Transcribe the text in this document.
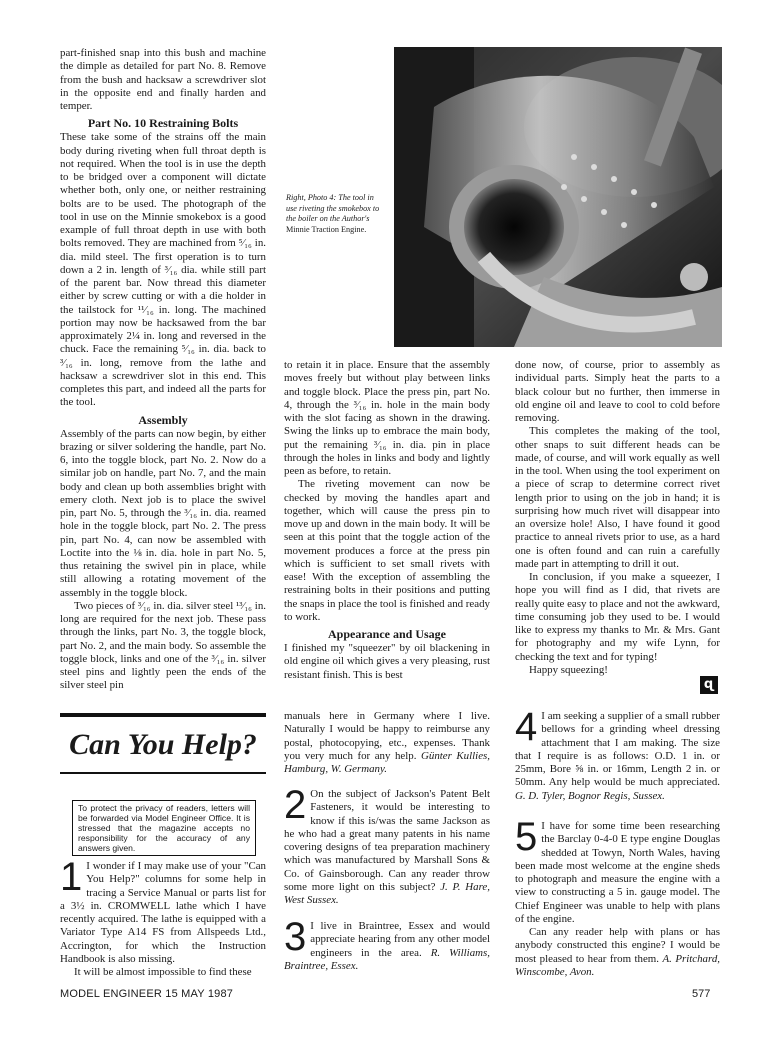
part-finished snap into this bush and machine the dimple as detailed for part No. 8. Remove from the bush and hacksaw a screwdriver slot in the opposite end and finally harden and temper.

Part No. 10 Restraining Bolts

These take some of the strains off the main body during riveting when full throat depth is not required. When the tool is in use the depth to be bridged over a component will dictate whether both, only one, or neither restraining bolts are to be used. The photograph of the tool in use on the Minnie smokebox is a good example of full throat depth in use with both bolts removed. They are machined from ⁵⁄₁₆ in. dia. mild steel. The first operation is to turn down a 2 in. length of ³⁄₁₆ dia. while still part of the parent bar. Now thread this diameter either by screw cutting or with a die holder in the tailstock for ¹¹⁄₁₆ in. long. The machined portion may now be hacksawed from the bar approximately 2¼ in. long and reversed in the chuck. Face the remaining ⁵⁄₁₆ in. dia. back to ³⁄₁₆ in. long, remove from the lathe and hacksaw a screwdriver slot in this end. This completes this part, and indeed all the parts for the tool.

Assembly

Assembly of the parts can now begin, by either brazing or silver soldering the handle, part No. 6, into the toggle block, part No. 2. Now do a similar job on handle, part No. 7, and the main body and clean up both assemblies bright with emery cloth. Next job is to place the swivel pin, part No. 5, through the ³⁄₁₆ in. dia. reamed hole in the toggle block, part No. 2. The press pin, part No. 4, can now be assembled with Loctite into the ⅛ in. dia. hole in part No. 5, thus retaining the swivel pin in place, while still allowing a rotating movement of the assembly in the toggle block.

Two pieces of ³⁄₁₆ in. dia. silver steel ¹³⁄₁₆ in. long are required for the next job. These pass through the links, part No. 3, the toggle block, part No. 2, and the main body. So assemble the toggle block, links and one of the ³⁄₁₆ in. silver steel pins and lightly peen the ends of the silver steel pin

Right, Photo 4: The tool in use riveting the smokebox to the boiler on the Author's Minnie Traction Engine.

to retain it in place. Ensure that the assembly moves freely but without play between links and toggle block. Place the press pin, part No. 4, through the ³⁄₁₆ in. hole in the main body with the slot facing as shown in the drawing. Swing the links up to embrace the main body, put the remaining ³⁄₁₆ in. dia. pin in place through the holes in links and body and lightly peen as before, to retain.

The riveting movement can now be checked by moving the handles apart and together, which will cause the press pin to move up and down in the main body. It will be seen at this point that the toggle action of the movement produces a force at the press pin which is sufficient to set small rivets with ease! With the exception of assembling the restraining bolts in their positions and putting the snaps in place the tool is finished and ready to work.

Appearance and Usage

I finished my "squeezer" by oil blackening in old engine oil which gives a very pleasing, rust resistant finish. This is best

done now, of course, prior to assembly as individual parts. Simply heat the parts to a black colour but no further, then immerse in old engine oil and leave to cool to cold before removing.

This completes the making of the tool, other snaps to suit different heads can be made, of course, and will work equally as well in the tool. When using the tool experiment on a piece of scrap to determine correct rivet length prior to using on the job in hand; it is surprising how much rivet will disappear into an oversize hole! Also, I have found it good practice to anneal rivets prior to use, as a hard one is often found and can ruin a carefully made part in attempting to drill it out.

In conclusion, if you make a squeezer, I hope you will find as I did, that rivets are really quite easy to place and not the awkward, time consuming job they used to be. I would like to express my thanks to Mr. & Mrs. Gant for photography and my wife Lynn, for checking the text and for typing!

Happy squeezing!

ɋ
Can You Help?
To protect the privacy of readers, letters will be forwarded via Model Engineer Office. It is stressed that the magazine accepts no responsibility for the accuracy of any answers given.
1 I wonder if I may make use of your "Can You Help?" columns for some help in tracing a Service Manual or parts list for a 3½ in. CROMWELL lathe which I have recently acquired. The lathe is equipped with a Variator Type A14 FS from Allspeeds Ltd., Accrington, for which the Instruction Handbook is also missing.

It will be almost impossible to find these

manuals here in Germany where I live. Naturally I would be happy to reimburse any postal, photocopying, etc., expenses. Thank you very much for any help. Günter Kullies, Hamburg, W. Germany.
2 On the subject of Jackson's Patent Belt Fasteners, it would be interesting to know if this is/was the same Jackson as he who had a great many patents in his name covering designs of tea preparation machinery which was manufactured by Marshall Sons & Co. of Gainsborough. Can any reader throw some more light on this subject? J. P. Hare, West Sussex.
3 I live in Braintree, Essex and would appreciate hearing from any other model engineers in the area. R. Williams, Braintree, Essex.
4 I am seeking a supplier of a small rubber bellows for a grinding wheel dressing attachment that I am making. The size that I require is as follows: O.D. 1 in. or 25mm, Bore ⅝ in. or 16mm, Length 2 in. or 50mm. Any help would be much appreciated. G. D. Tyler, Bognor Regis, Sussex.
5 I have for some time been researching the Barclay 0-4-0 E type engine Douglas shedded at Towyn, North Wales, having been made most welcome at the engine sheds to photograph and measure the engine with a view to constructing a 5 in. gauge model. The Chief Engineer was unable to help with plans of the engine.

Can any reader help with plans or has anybody constructed this engine? I would be most pleased to hear from them. A. Pritchard, Winscombe, Avon.

MODEL ENGINEER 15 MAY 1987	577
